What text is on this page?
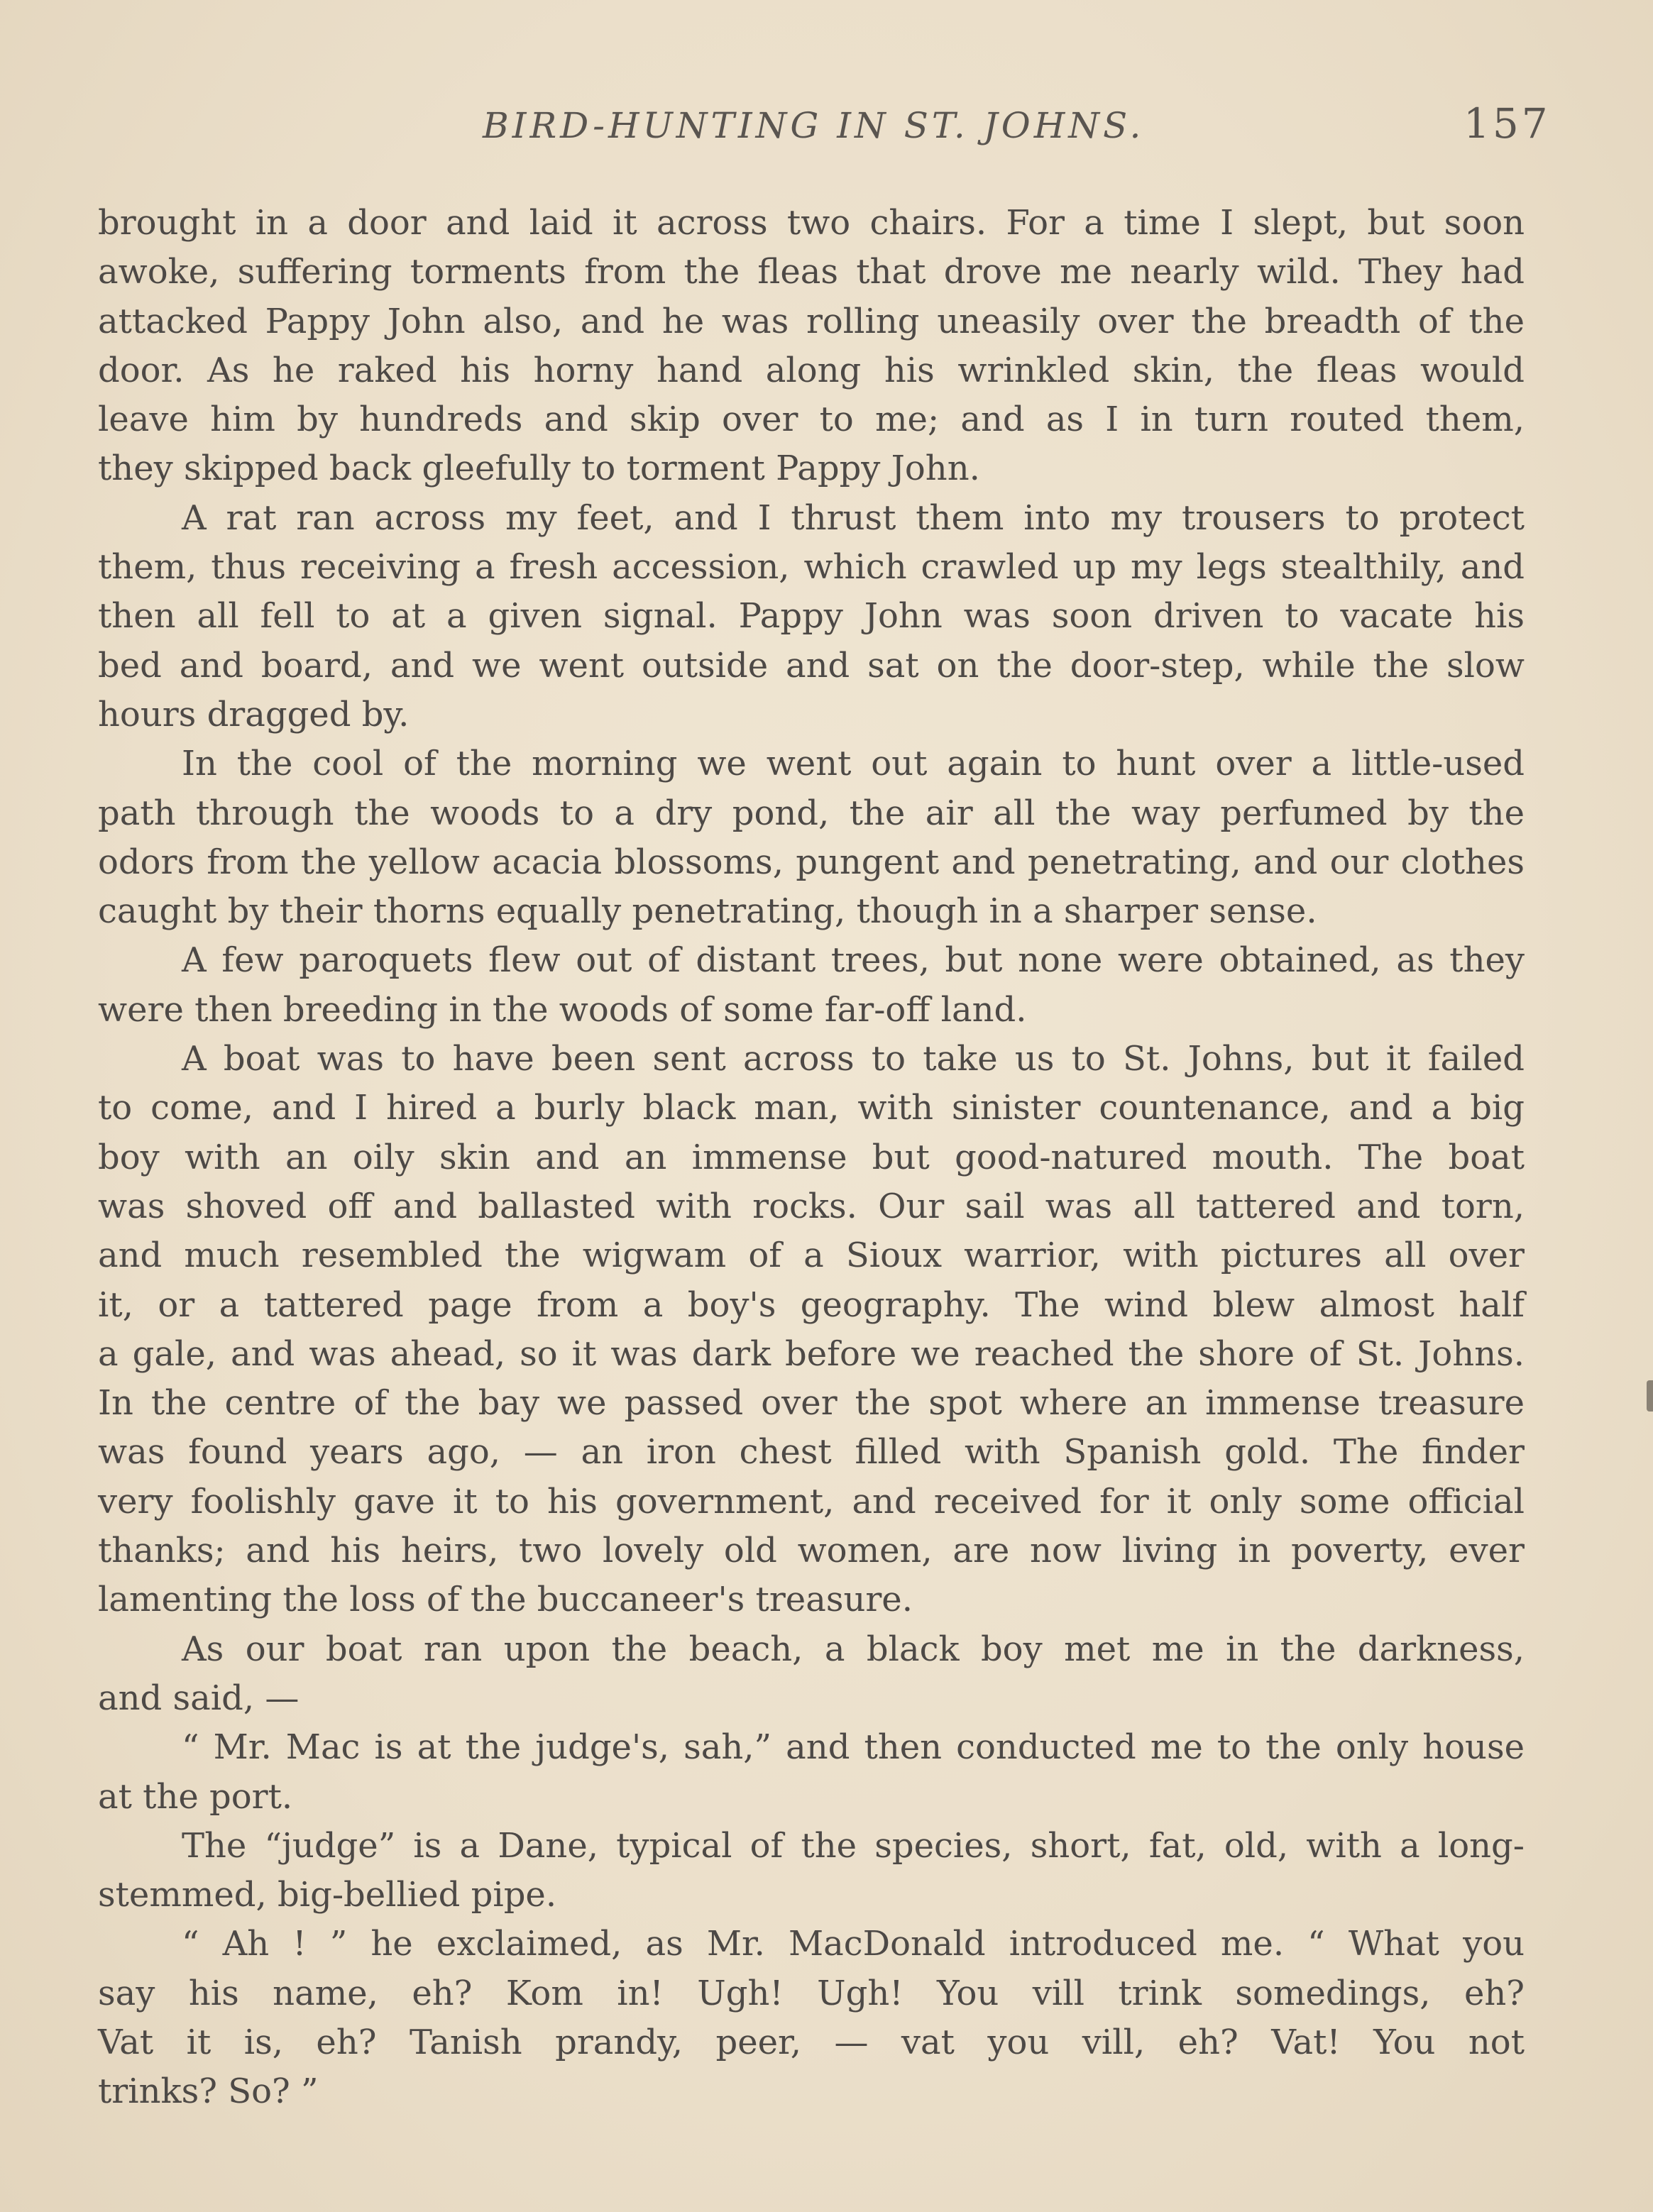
BIRD-HUNTING IN ST. JOHNS.	157
brought in a door and laid it across two chairs. For a time I slept, but soon
awoke, suffering torments from the fleas that drove me nearly wild. They had
attacked Pappy John also, and he was rolling uneasily over the breadth of the
door. As he raked his horny hand along his wrinkled skin, the fleas would
leave him by hundreds and skip over to me; and as I in turn routed them,
they skipped back gleefully to torment Pappy John.
A rat ran across my feet, and I thrust them into my trousers to protect
them, thus receiving a fresh accession, which crawled up my legs stealthily, and
then all fell to at a given signal. Pappy John was soon driven to vacate his
bed and board, and we went outside and sat on the door-step, while the slow
hours dragged by.
In the cool of the morning we went out again to hunt over a little-used
path through the woods to a dry pond, the air all the way perfumed by the
odors from the yellow acacia blossoms, pungent and penetrating, and our clothes
caught by their thorns equally penetrating, though in a sharper sense.
A few paroquets flew out of distant trees, but none were obtained, as they
were then breeding in the woods of some far-off land.
A boat was to have been sent across to take us to St. Johns, but it failed
to come, and I hired a burly black man, with sinister countenance, and a big
boy with an oily skin and an immense but good-natured mouth. The boat
was shoved off and ballasted with rocks. Our sail was all tattered and torn,
and much resembled the wigwam of a Sioux warrior, with pictures all over
it, or a tattered page from a boy's geography. The wind blew almost half
a gale, and was ahead, so it was dark before we reached the shore of St. Johns.
In the centre of the bay we passed over the spot where an immense treasure
was found years ago, — an iron chest filled with Spanish gold. The finder
very foolishly gave it to his government, and received for it only some official
thanks; and his heirs, two lovely old women, are now living in poverty, ever
lamenting the loss of the buccaneer's treasure.
As our boat ran upon the beach, a black boy met me in the darkness,
and said, —
“ Mr. Mac is at the judge's, sah,” and then conducted me to the only house
at the port.
The “judge” is a Dane, typical of the species, short, fat, old, with a long-
stemmed, big-bellied pipe.
“ Ah ! ” he exclaimed, as Mr. MacDonald introduced me. “ What you
say his name, eh? Kom in! Ugh! Ugh! You vill trink somedings, eh?
Vat it is, eh? Tanish prandy, peer, — vat you vill, eh? Vat! You not
trinks? So? ”
